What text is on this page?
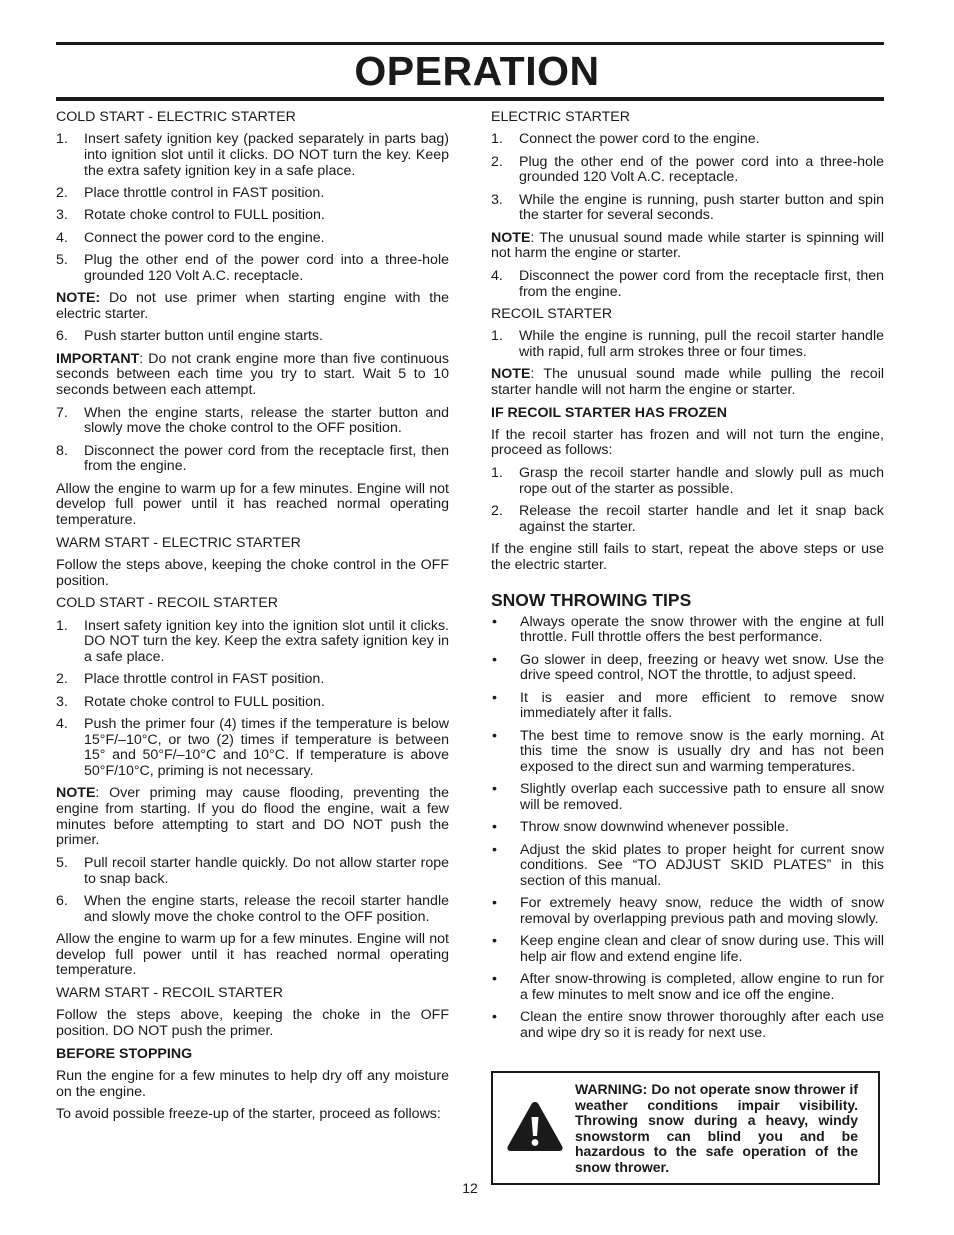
OPERATION
COLD START - ELECTRIC STARTER
1.	Insert safety ignition key (packed separately in parts bag) into ignition slot until it clicks. DO NOT turn the key. Keep the extra safety ignition key in a safe place.
2.	Place throttle control in FAST position.
3.	Rotate choke control to FULL position.
4.	Connect the power cord to the engine.
5.	Plug the other end of the power cord into a three-hole grounded 120 Volt A.C. receptacle.
NOTE: Do not use primer when starting engine with the electric starter.
6.	Push starter button until engine starts.
IMPORTANT: Do not crank engine more than five continuous seconds between each time you try to start. Wait 5 to 10 seconds between each attempt.
7.	When the engine starts, release the starter button and slowly move the choke control to the OFF position.
8.	Disconnect the power cord from the receptacle first, then from the engine.
Allow the engine to warm up for a few minutes. Engine will not develop full power until it has reached normal operating temperature.
WARM START - ELECTRIC STARTER
Follow the steps above, keeping the choke control in the OFF position.
COLD START - RECOIL STARTER
1.	Insert safety ignition key into the ignition slot until it clicks. DO NOT turn the key. Keep the extra safety ignition key in a safe place.
2.	Place throttle control in FAST position.
3.	Rotate choke control to FULL position.
4.	Push the primer four (4) times if the temperature is below 15°F/–10°C, or two (2) times if temperature is between 15° and 50°F/–10°C and 10°C. If temperature is above 50°F/10°C, priming is not necessary.
NOTE: Over priming may cause flooding, preventing the engine from starting. If you do flood the engine, wait a few minutes before attempting to start and DO NOT push the primer.
5.	Pull recoil starter handle quickly. Do not allow starter rope to snap back.
6.	When the engine starts, release the recoil starter handle and slowly move the choke control to the OFF position.
Allow the engine to warm up for a few minutes. Engine will not develop full power until it has reached normal operating temperature.
WARM START - RECOIL STARTER
Follow the steps above, keeping the choke in the OFF position. DO NOT push the primer.
BEFORE STOPPING
Run the engine for a few minutes to help dry off any moisture on the engine.
To avoid possible freeze-up of the starter, proceed as follows:
ELECTRIC STARTER
1.	Connect the power cord to the engine.
2.	Plug the other end of the power cord into a three-hole grounded 120 Volt A.C. receptacle.
3.	While the engine is running, push starter button and spin the starter for several seconds.
NOTE: The unusual sound made while starter is spinning will not harm the engine or starter.
4.	Disconnect the power cord from the receptacle first, then from the engine.
RECOIL STARTER
1.	While the engine is running, pull the recoil starter handle with rapid, full arm strokes three or four times.
NOTE: The unusual sound made while pulling the recoil starter handle will not harm the engine or starter.
IF RECOIL STARTER HAS FROZEN
If the recoil starter has frozen and will not turn the engine, proceed as follows:
1.	Grasp the recoil starter handle and slowly pull as much rope out of the starter as possible.
2.	Release the recoil starter handle and let it snap back against the starter.
If the engine still fails to start, repeat the above steps or use the electric starter.
SNOW THROWING TIPS
•	Always operate the snow thrower with the engine at full throttle. Full throttle offers the best performance.
•	Go slower in deep, freezing or heavy wet snow. Use the drive speed control, NOT the throttle, to adjust speed.
•	It is easier and more efficient to remove snow immediately after it falls.
•	The best time to remove snow is the early morning. At this time the snow is usually dry and has not been exposed to the direct sun and warming temperatures.
•	Slightly overlap each successive path to ensure all snow will be removed.
•	Throw snow downwind whenever possible.
•	Adjust the skid plates to proper height for current snow conditions. See “TO ADJUST SKID PLATES” in this section of this manual.
•	For extremely heavy snow, reduce the width of snow removal by overlapping previous path and moving slowly.
•	Keep engine clean and clear of snow during use. This will help air flow and extend engine life.
•	After snow-throwing is completed, allow engine to run for a few minutes to melt snow and ice off the engine.
•	Clean the entire snow thrower thoroughly after each use and wipe dry so it is ready for next use.
WARNING: Do not operate snow thrower if weather conditions impair visibility. Throwing snow during a heavy, windy snowstorm can blind you and be hazardous to the safe operation of the snow thrower.
12
